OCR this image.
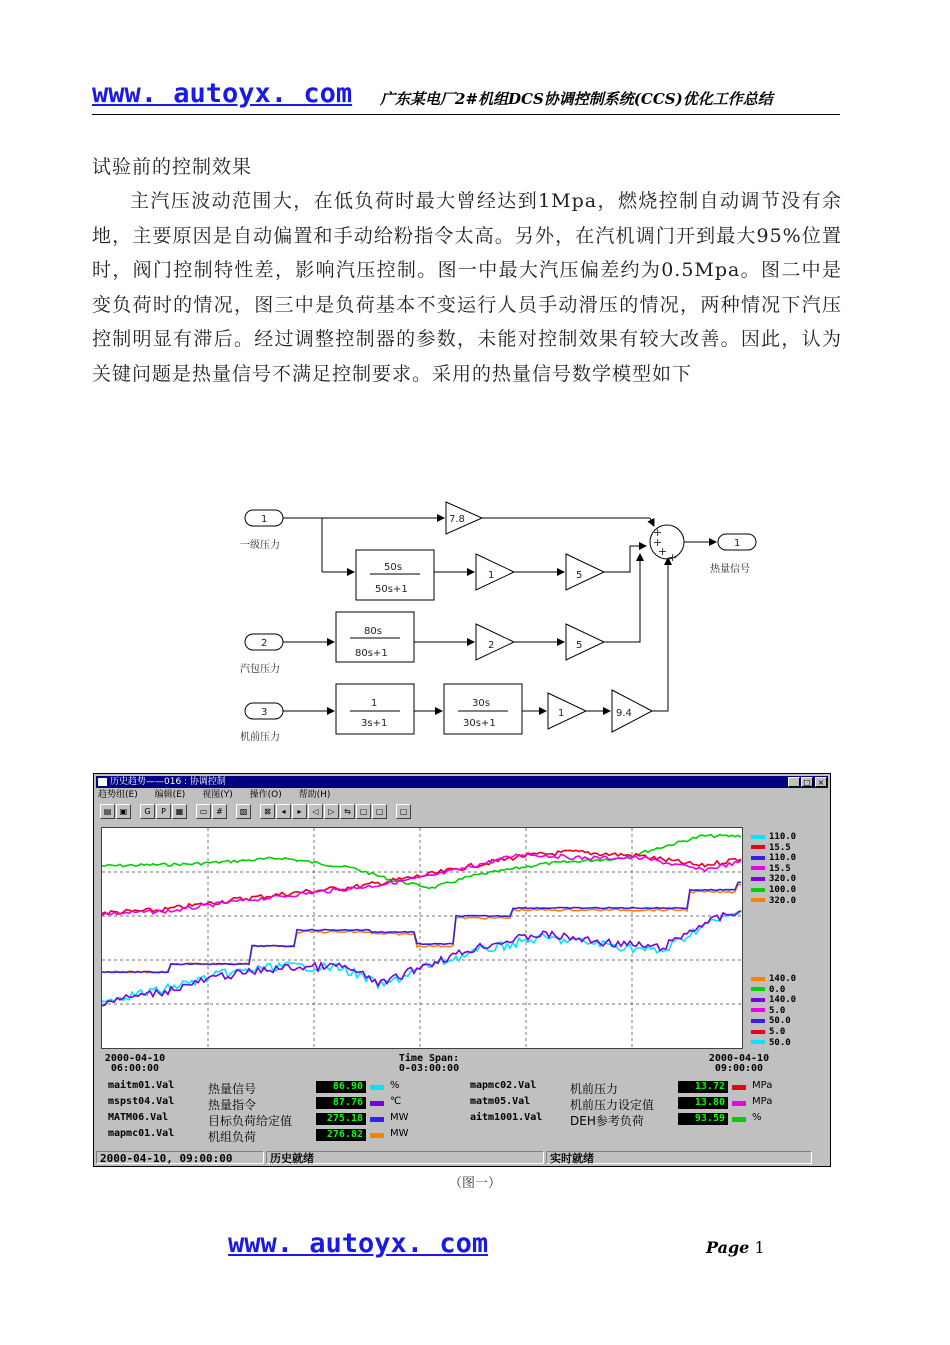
www. autoyx. com 广东某电厂2#机组DCS协调控制系统(CCS)优化工作总结
试验前的控制效果
主汽压波动范围大，在低负荷时最大曾经达到1Mpa，燃烧控制自动调节没有余地，主要原因是自动偏置和手动给粉指令太高。另外，在汽机调门开到最大95%位置时，阀门控制特性差，影响汽压控制。图一中最大汽压偏差约为0.5Mpa。图二中是变负荷时的情况，图三中是负荷基本不变运行人员手动滑压的情况，两种情况下汽压控制明显有滞后。经过调整控制器的参数，未能对控制效果有较大改善。因此，认为关键问题是热量信号不满足控制要求。采用的热量信号数学模型如下
1
一级压力
2
汽包压力
3
机前压力
1
热量信号
7.8
50s
50s+1
1	5
80s
80s+1
2	5
1
3s+1
30s
30s+1
1	9.4
+
+
+ +
历史趋势——016 : 协调控制	_ □ ×
趋势组(E) 编辑(E) 视图(Y) 操作(O) 帮助(H)
▤	▣	G	P	▦	▭	#	▨	⊠	◂	▸	◁	▷	⇆	▢	▢	▢
110.0
15.5
110.0
15.5
320.0
100.0
320.0
140.0
0.0
140.0
5.0
50.0
5.0
50.0
2000-04-10
06:00:00
Time Span:
0-03:00:00
2000-04-10
09:00:00
maitm01.Val	热量信号	86.90	%
mspst04.Val	热量指令	87.76	℃
MATM06.Val	目标负荷给定值	275.18	MW
mapmc01.Val	机组负荷	276.82	MW
mapmc02.Val	机前压力	13.72	MPa
matm05.Val	机前压力设定值	13.80	MPa
aitm1001.Val DEH参考负荷	93.59	%
2000-04-10, 09:00:00	历史就绪	实时就绪
（图一）
www. autoyx. com	Page 1
